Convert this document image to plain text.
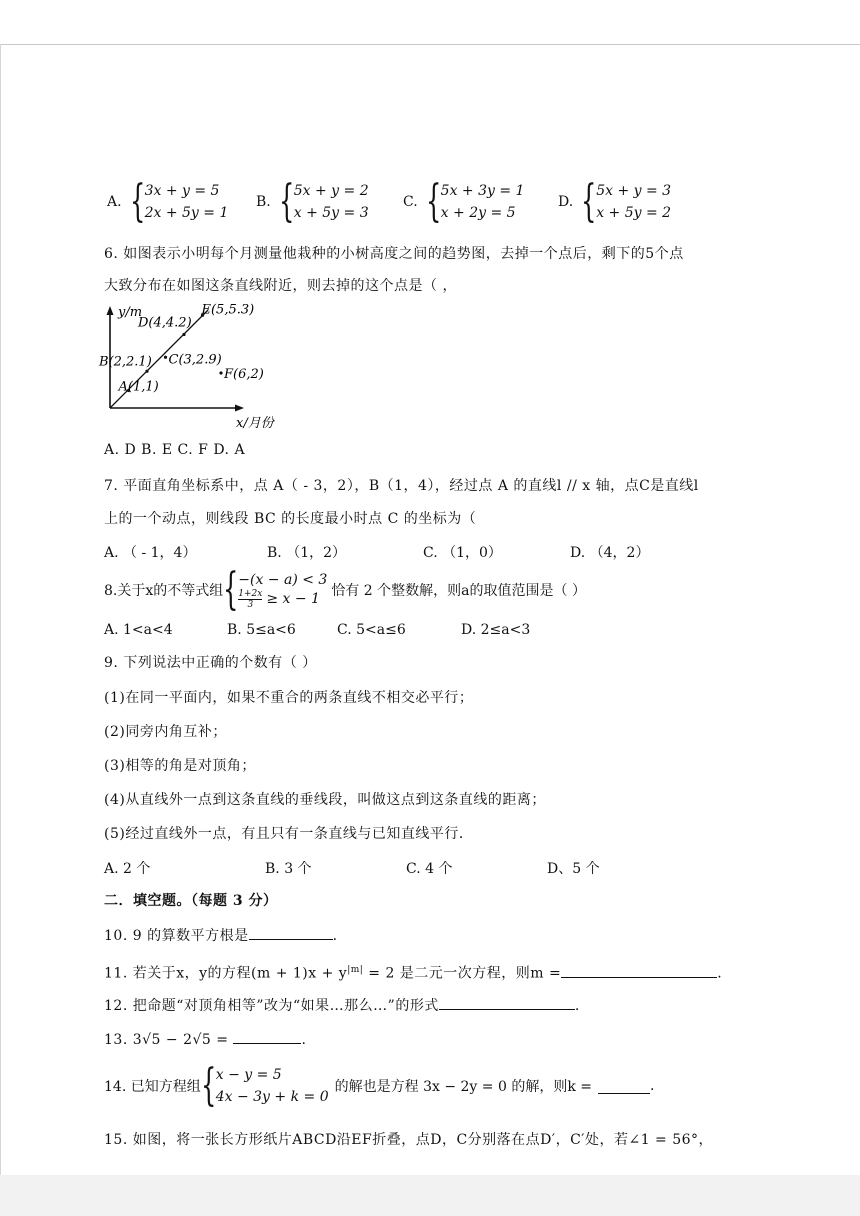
A. { 3x + y = 5
2x + 5y = 1
B. { 5x + y = 2
x + 5y = 3
C. { 5x + 3y = 1
x + 2y = 5
D. { 5x + y = 3
x + 5y = 2
6. 如图表示小明每个月测量他栽种的小树高度之间的趋势图，去掉一个点后，剩下的5个点
大致分布在如图这条直线附近，则去掉的这个点是（ ，
x/月份
y/m
A(1,1)
B(2,2.1) C(3,2.9)
D(4,4.2)
E(5,5.3)
F(6,2)
A. D B. E C. F D. A
7. 平面直角坐标系中，点 A（ - 3，2），B（1，4），经过点 A 的直线l // x 轴，点C是直线l
上的一个动点，则线段 BC 的长度最小时点 C 的坐标为（
A. （ - 1，4）	B. （1，2）	C. （1，0）	D. （4，2）
8.关于x的不等式组 { −(x − a) < 3
$\frac{1+2x}{3} \ge x - 1$ 恰有 2 个整数解，则a的取值范围是（ ）
A. 1<a<4	B. 5≤a<6	C. 5<a≤6	D. 2≤a<3
9. 下列说法中正确的个数有（ ）
(1)在同一平面内，如果不重合的两条直线不相交必平行；
(2)同旁内角互补；
(3)相等的角是对顶角；
(4)从直线外一点到这条直线的垂线段，叫做这点到这条直线的距离；
(5)经过直线外一点，有且只有一条直线与已知直线平行．
A. 2 个	B. 3 个	C. 4 个	D、5 个
二．填空题。（每题 3 分）
10. 9 的算数平方根是	.
11. 若关于x，y的方程$(m + 1)x + y^{|m|} = 2$ 是二元一次方程，则m =	.
12. 把命题“对顶角相等”改为“如果…那么…”的形式	.
13. 3√5 − 2√5 =	.
14. 已知方程组 { x − y = 5
4x − 3y + k = 0
的解也是方程 3x − 2y = 0 的解，则k =	.
15. 如图，将一张长方形纸片ABCD沿EF折叠，点D，C分别落在点D′，C′处，若∠1 = 56°，
